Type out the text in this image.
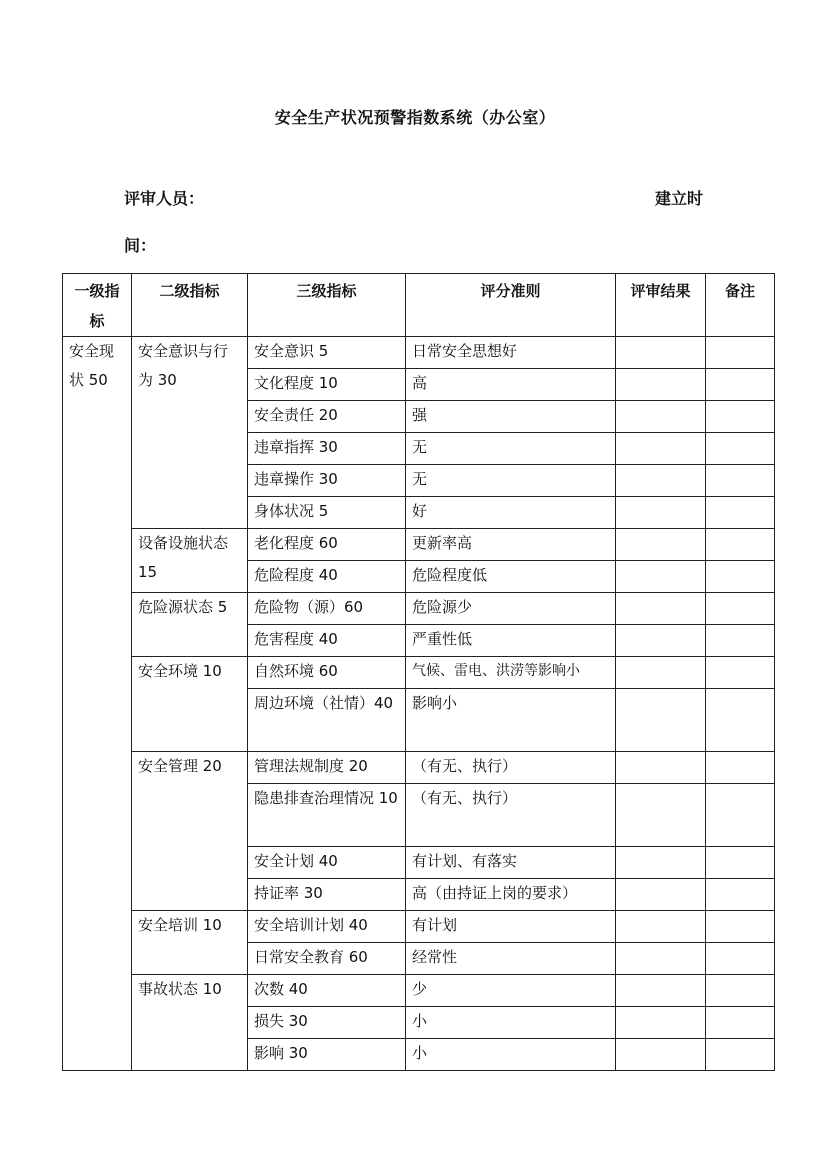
安全生产状况预警指数系统（办公室）
评审人员：	建立时
间：
一级指标	二级指标	三级指标	评分准则	评审结果	备注
安全现状 50	安全意识与行为 30	安全意识 5	日常安全思想好		
		文化程度 10	高		
		安全责任 20	强		
		违章指挥 30	无		
		违章操作 30	无		
		身体状况 5	好		
	设备设施状态 15	老化程度 60	更新率高		
		危险程度 40	危险程度低		
	危险源状态 5	危险物（源）60	危险源少		
		危害程度 40	严重性低		
	安全环境 10	自然环境 60	气候、雷电、洪涝等影响小		
		周边环境（社情）40	影响小		
	安全管理 20	管理法规制度 20	（有无、执行）		
		隐患排查治理情况 10	（有无、执行）		
		安全计划 40	有计划、有落实		
		持证率 30	高（由持证上岗的要求）		
	安全培训 10	安全培训计划 40	有计划		
		日常安全教育 60	经常性		
	事故状态 10	次数 40	少		
		损失 30	小		
		影响 30	小		
